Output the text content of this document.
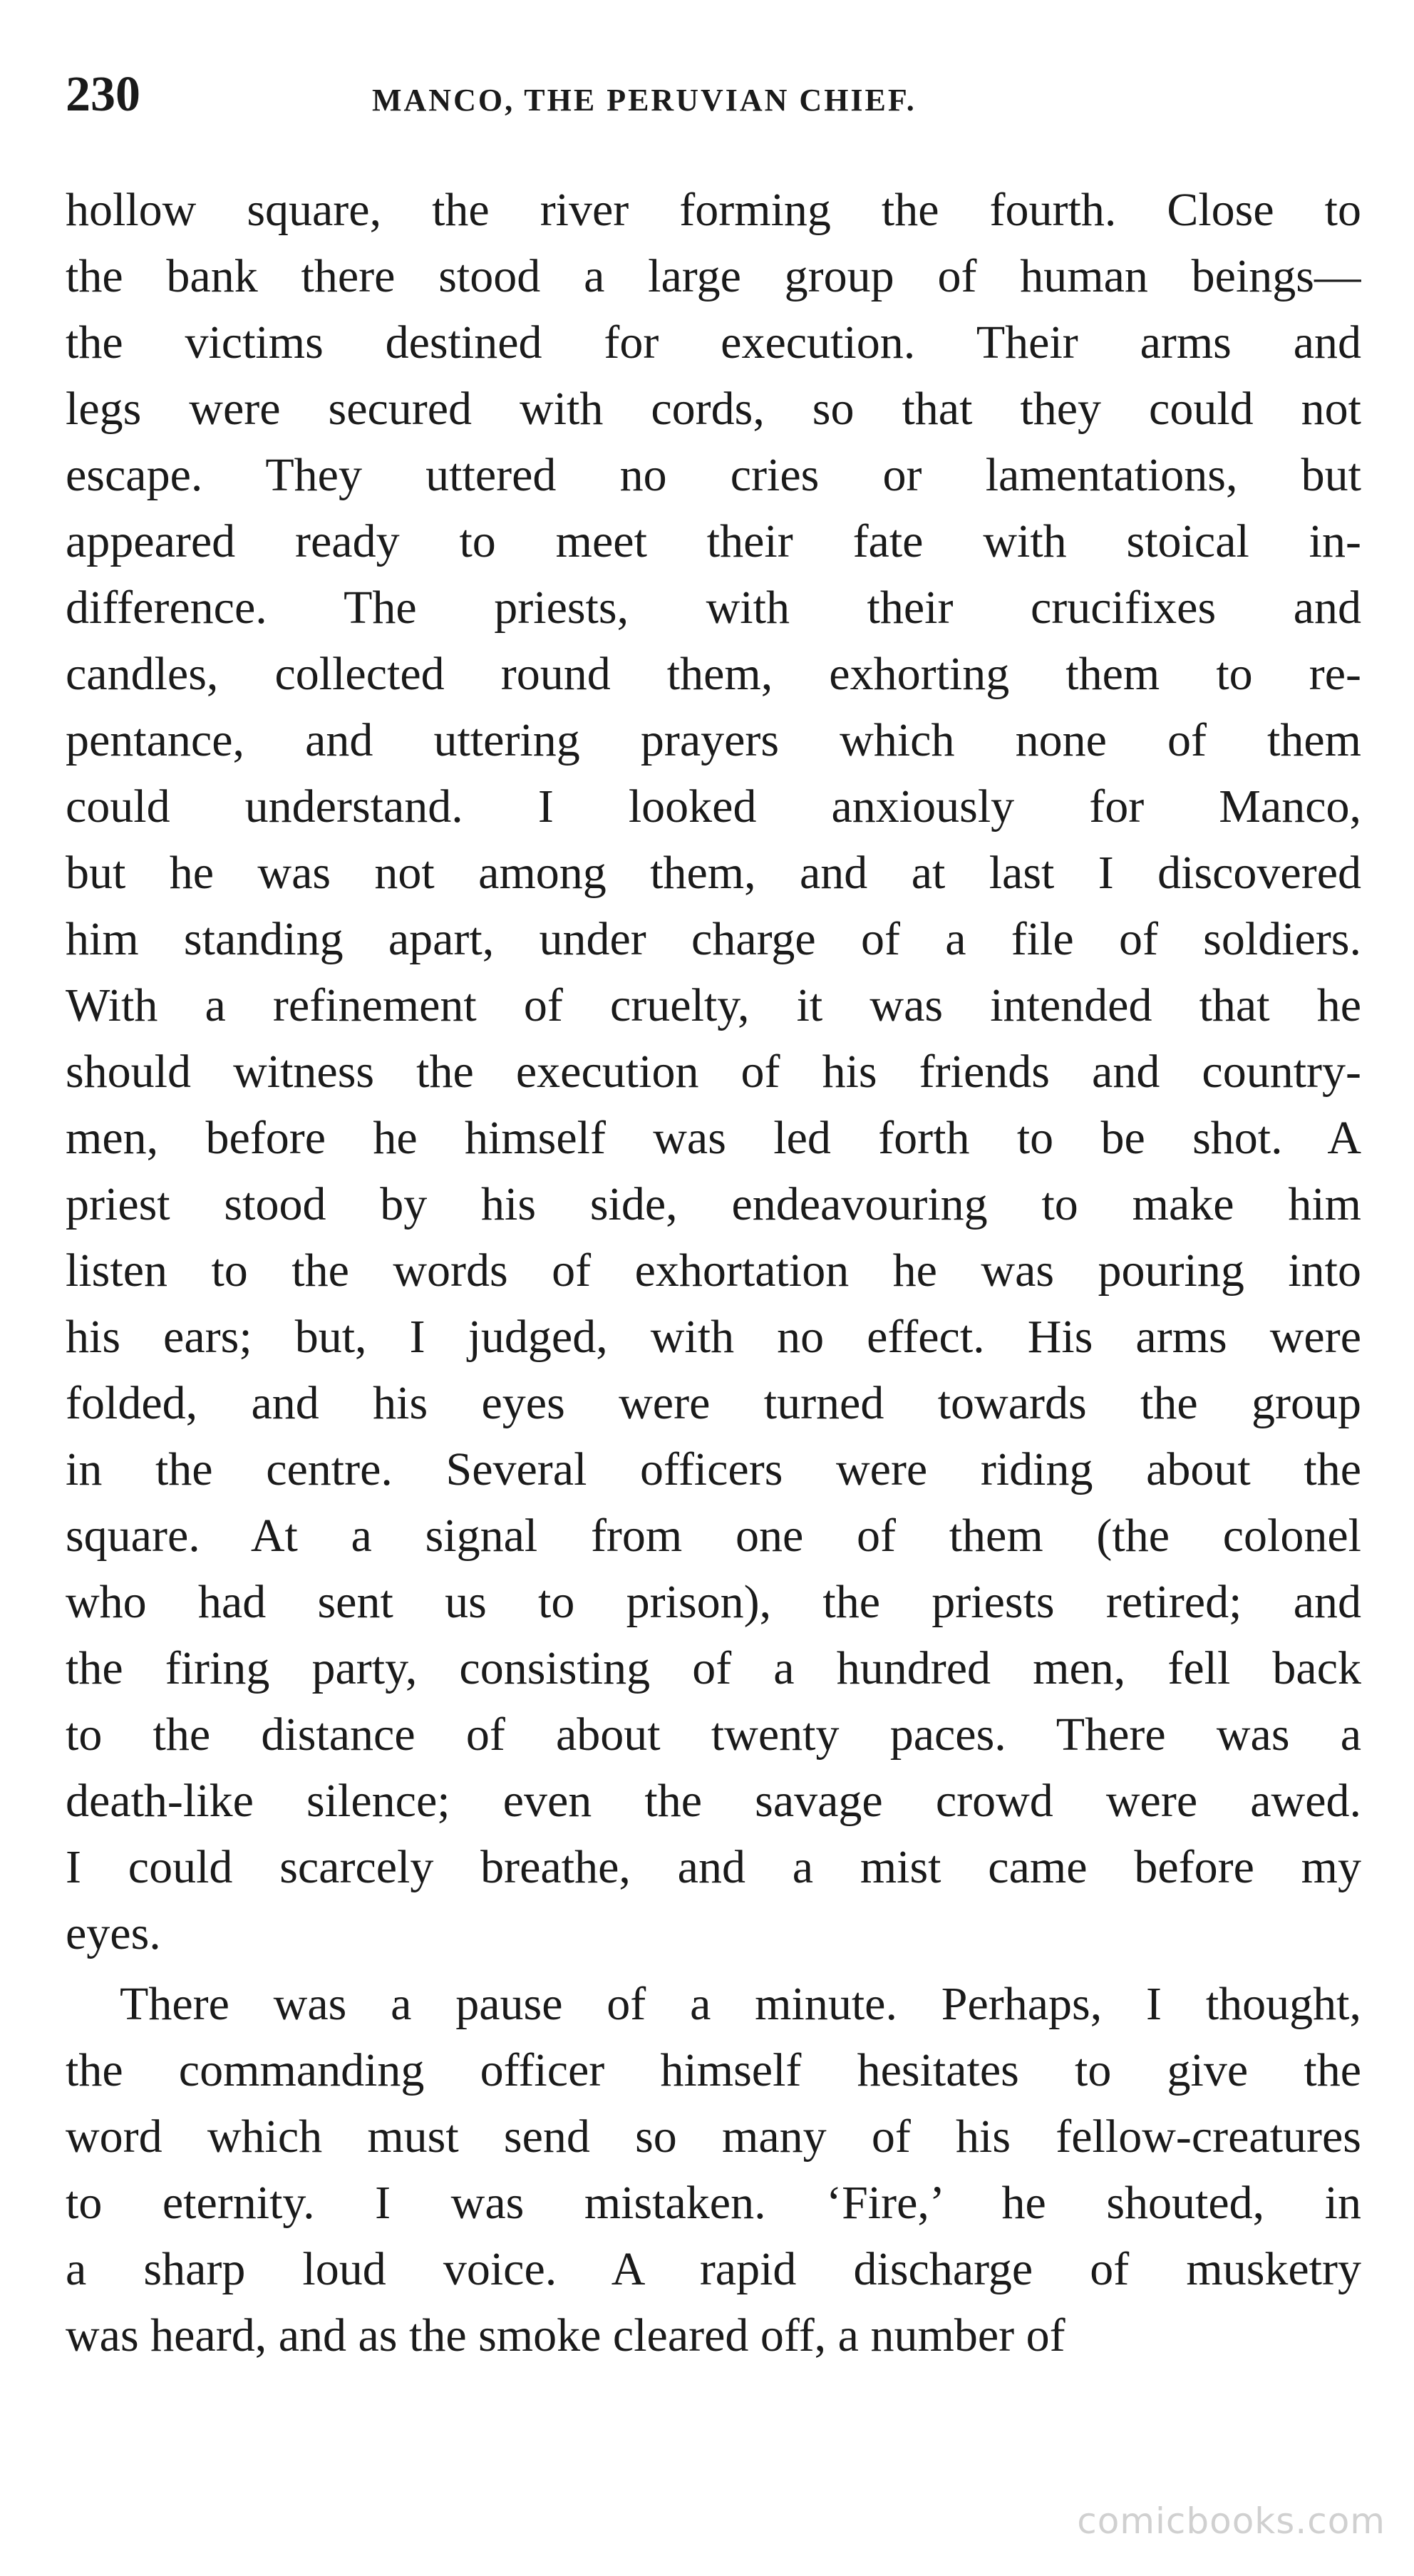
230	MANCO, THE PERUVIAN CHIEF.
hollow square, the river forming the fourth. Close to
the bank there stood a large group of human beings—
the victims destined for execution. Their arms and
legs were secured with cords, so that they could not
escape. They uttered no cries or lamentations, but
appeared ready to meet their fate with stoical in-
difference. The priests, with their crucifixes and
candles, collected round them, exhorting them to re-
pentance, and uttering prayers which none of them
could understand. I looked anxiously for Manco,
but he was not among them, and at last I discovered
him standing apart, under charge of a file of soldiers.
With a refinement of cruelty, it was intended that he
should witness the execution of his friends and country-
men, before he himself was led forth to be shot. A
priest stood by his side, endeavouring to make him
listen to the words of exhortation he was pouring into
his ears; but, I judged, with no effect. His arms were
folded, and his eyes were turned towards the group
in the centre. Several officers were riding about the
square. At a signal from one of them (the colonel
who had sent us to prison), the priests retired; and
the firing party, consisting of a hundred men, fell back
to the distance of about twenty paces. There was a
death-like silence; even the savage crowd were awed.
I could scarcely breathe, and a mist came before my
eyes.
There was a pause of a minute. Perhaps, I thought,
the commanding officer himself hesitates to give the
word which must send so many of his fellow-creatures
to eternity. I was mistaken. ‘Fire,’ he shouted, in
a sharp loud voice. A rapid discharge of musketry
was heard, and as the smoke cleared off, a number of
comicbooks.com
